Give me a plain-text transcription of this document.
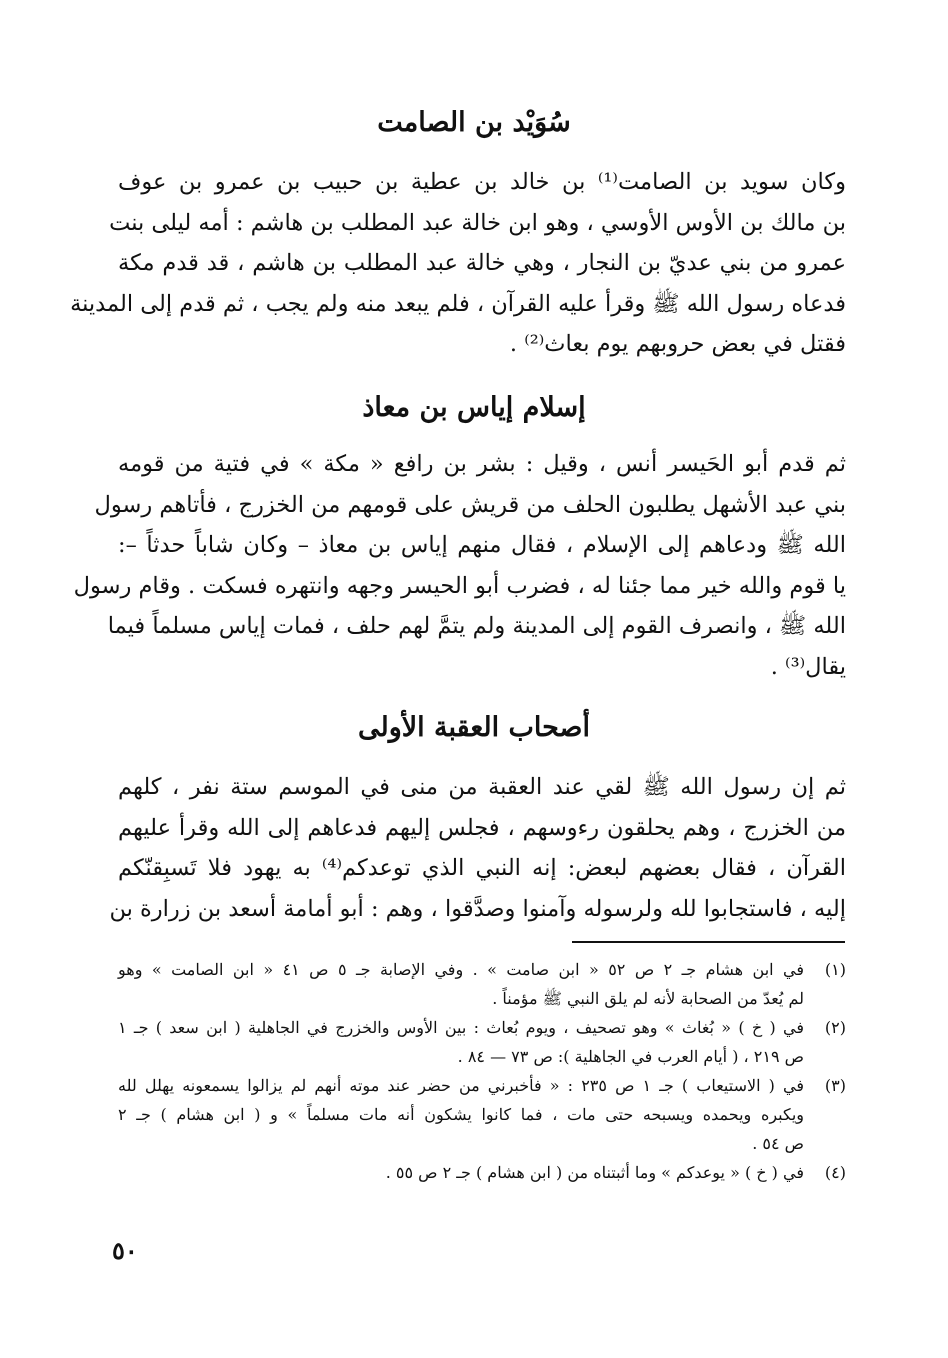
سُوَيْد بن الصامت
وكان سويد بن الصامت⁽¹⁾ بن خالد بن عطية بن حبيب بن عمرو بن عوف
بن مالك بن الأوس الأوسي ، وهو ابن خالة عبد المطلب بن هاشم : أمه ليلى بنت
عمرو من بني عديّ بن النجار ، وهي خالة عبد المطلب بن هاشم ، قد قدم مكة
فدعاه رسول الله ﷺ وقرأ عليه القرآن ، فلم يبعد منه ولم يجب ، ثم قدم إلى المدينة
فقتل في بعض حروبهم يوم بعاث⁽²⁾ .
إسلام إياس بن معاذ
ثم قدم أبو الحَيسر أنس ، وقيل : بشر بن رافع « مكة » في فتية من قومه
بني عبد الأشهل يطلبون الحلف من قريش على قومهم من الخزرج ، فأتاهم رسول
الله ﷺ ودعاهم إلى الإسلام ، فقال منهم إياس بن معاذ – وكان شاباً حدثاً –:
يا قوم والله خير مما جئنا له ، فضرب أبو الحيسر وجهه وانتهره فسكت . وقام رسول
الله ﷺ ، وانصرف القوم إلى المدينة ولم يتمَّ لهم حلف ، فمات إياس مسلماً فيما
يقال⁽³⁾ .
أصحاب العقبة الأولى
ثم إن رسول الله ﷺ لقي عند العقبة من منى في الموسم ستة نفر ، كلهم
من الخزرج ، وهم يحلقون رءوسهم ، فجلس إليهم فدعاهم إلى الله وقرأ عليهم
القرآن ، فقال بعضهم لبعض: إنه النبي الذي توعدكم⁽⁴⁾ به يهود فلا تَسبِقنّكم
إليه ، فاستجابوا لله ولرسوله وآمنوا وصدَّقوا ، وهم : أبو أمامة أسعد بن زرارة بن
(١)
في ابن هشام جـ ٢ ص ٥٢ « ابن صامت » . وفي الإصابة جـ ٥ ص ٤١ « ابن الصامت » وهو
لم يُعدّ من الصحابة لأنه لم يلق النبي ﷺ مؤمناً .
(٢)
في ( خ ) « بُغاث » وهو تصحيف ، ويوم بُعاث : بين الأوس والخزرج في الجاهلية ( ابن سعد ) جـ ١
ص ٢١٩ ، ( أيام العرب في الجاهلية ): ص ٧٣ — ٨٤ .
(٣)
في ( الاستيعاب ) جـ ١ ص ٢٣٥ : « فأخبرني من حضر عند موته أنهم لم يزالوا يسمعونه يهلل لله
ويكبره ويحمده ويسبحه حتى مات ، فما كانوا يشكون أنه مات مسلماً » و ( ابن هشام ) جـ ٢
ص ٥٤ .
(٤)
في ( خ ) « يوعدكم » وما أثبتناه من ( ابن هشام ) جـ ٢ ص ٥٥ .
٥٠
